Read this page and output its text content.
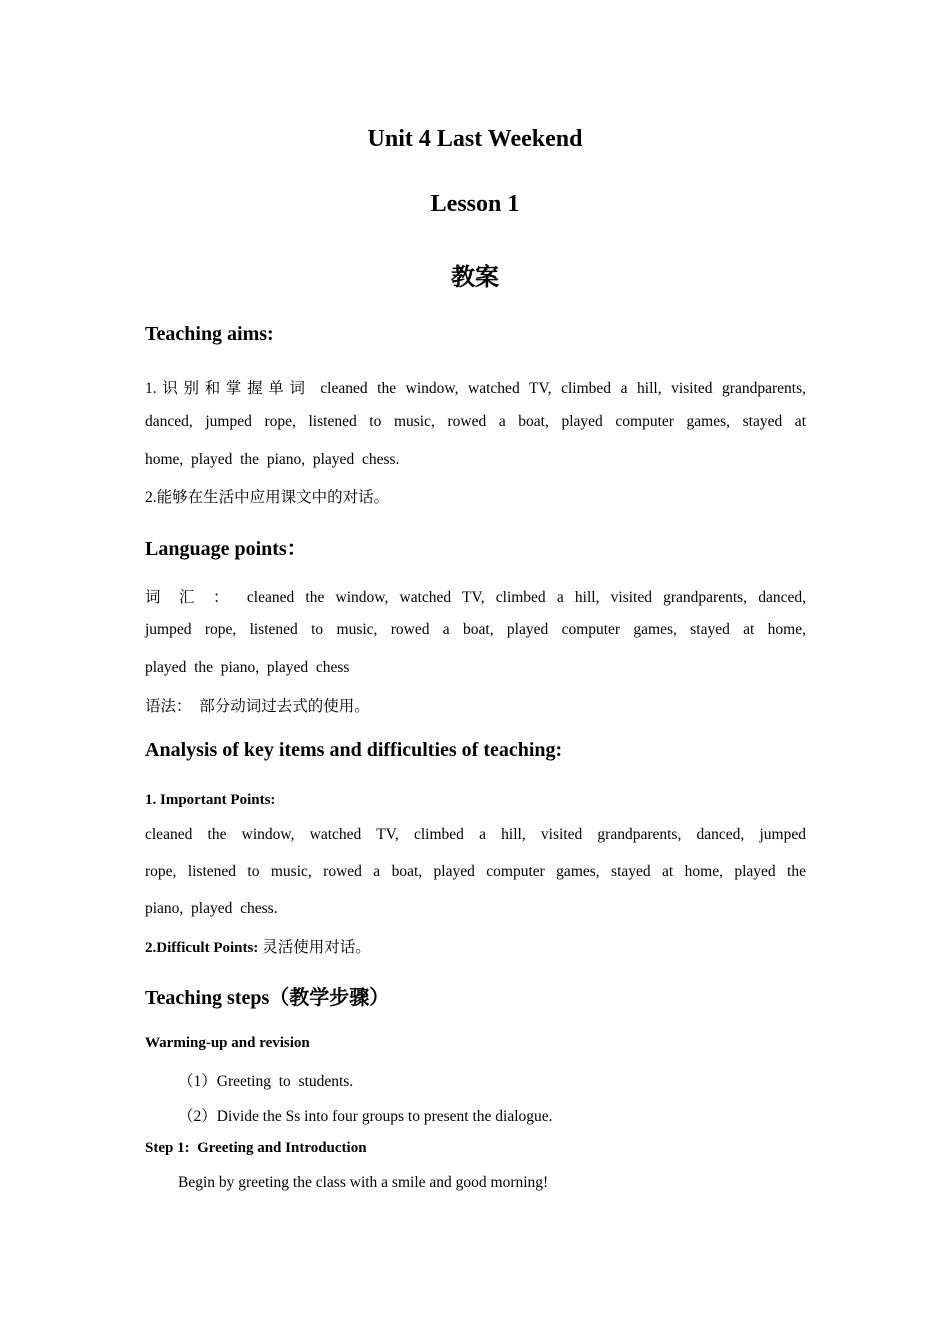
Unit 4 Last Weekend
Lesson 1
教案
Teaching aims:
1.识别和掌握单词 cleaned the window, watched TV, climbed a hill, visited grandparents,
danced, jumped rope, listened to music, rowed a boat, played computer games, stayed at
home,  played  the  piano,  played  chess.
2.能够在生活中应用课文中的对话。
Language points：
词 汇 ： cleaned the window, watched TV, climbed a hill, visited grandparents, danced,
jumped rope, listened to music, rowed a boat, played computer games, stayed at home,
played  the  piano,  played  chess
语法：  部分动词过去式的使用。
Analysis of key items and difficulties of teaching:
1. Important Points:
cleaned the window, watched TV, climbed a hill, visited grandparents, danced, jumped
rope, listened to music, rowed a boat, played computer games, stayed at home, played the
piano,  played  chess.
2.Difficult Points: 灵活使用对话。
Teaching steps（教学步骤）
Warming-up and revision
（1）Greeting  to  students.
（2）Divide the Ss into four groups to present the dialogue.
Step 1:  Greeting and Introduction
Begin by greeting the class with a smile and good morning!
